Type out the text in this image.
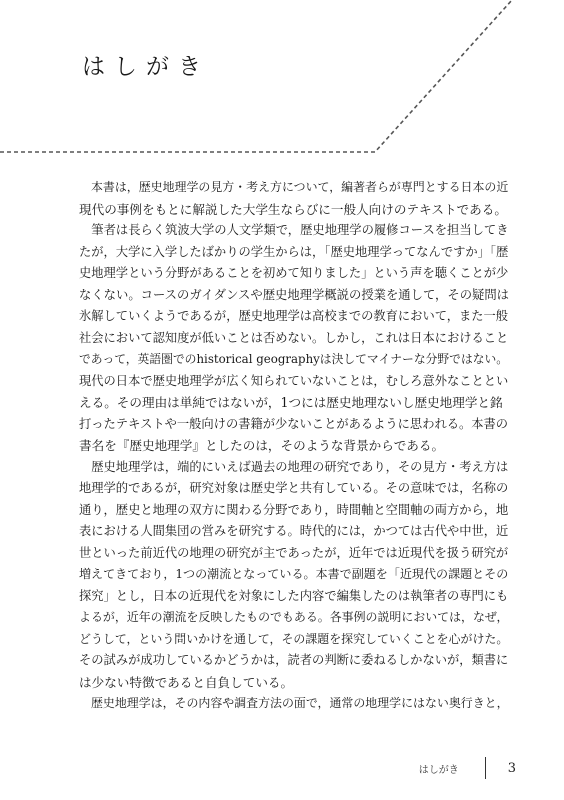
はしがき
　本書は，歴史地理学の見方・考え方について，編著者らが専門とする日本の近
現代の事例をもとに解説した大学生ならびに一般人向けのテキストである。
　筆者は長らく筑波大学の人文学類で，歴史地理学の履修コースを担当してき
たが，大学に入学したばかりの学生からは，「歴史地理学ってなんですか」「歴
史地理学という分野があることを初めて知りました」という声を聴くことが少
なくない。コースのガイダンスや歴史地理学概説の授業を通して，その疑問は
氷解していくようであるが，歴史地理学は高校までの教育において，また一般
社会において認知度が低いことは否めない。しかし，これは日本におけること
であって，英語圏でのhistorical geographyは決してマイナーな分野ではない。
現代の日本で歴史地理学が広く知られていないことは，むしろ意外なこととい
える。その理由は単純ではないが，1つには歴史地理ないし歴史地理学と銘
打ったテキストや一般向けの書籍が少ないことがあるように思われる。本書の
書名を『歴史地理学』としたのは，そのような背景からである。
　歴史地理学は，端的にいえば過去の地理の研究であり，その見方・考え方は
地理学的であるが，研究対象は歴史学と共有している。その意味では，名称の
通り，歴史と地理の双方に関わる分野であり，時間軸と空間軸の両方から，地
表における人間集団の営みを研究する。時代的には，かつては古代や中世，近
世といった前近代の地理の研究が主であったが，近年では近現代を扱う研究が
増えてきており，1つの潮流となっている。本書で副題を「近現代の課題とその
探究」とし，日本の近現代を対象にした内容で編集したのは執筆者の専門にも
よるが，近年の潮流を反映したものでもある。各事例の説明においては，なぜ，
どうして，という問いかけを通して，その課題を探究していくことを心がけた。
その試みが成功しているかどうかは，読者の判断に委ねるしかないが，類書に
は少ない特徴であると自負している。
　歴史地理学は，その内容や調査方法の面で，通常の地理学にはない奥行きと，
はしがき	3
